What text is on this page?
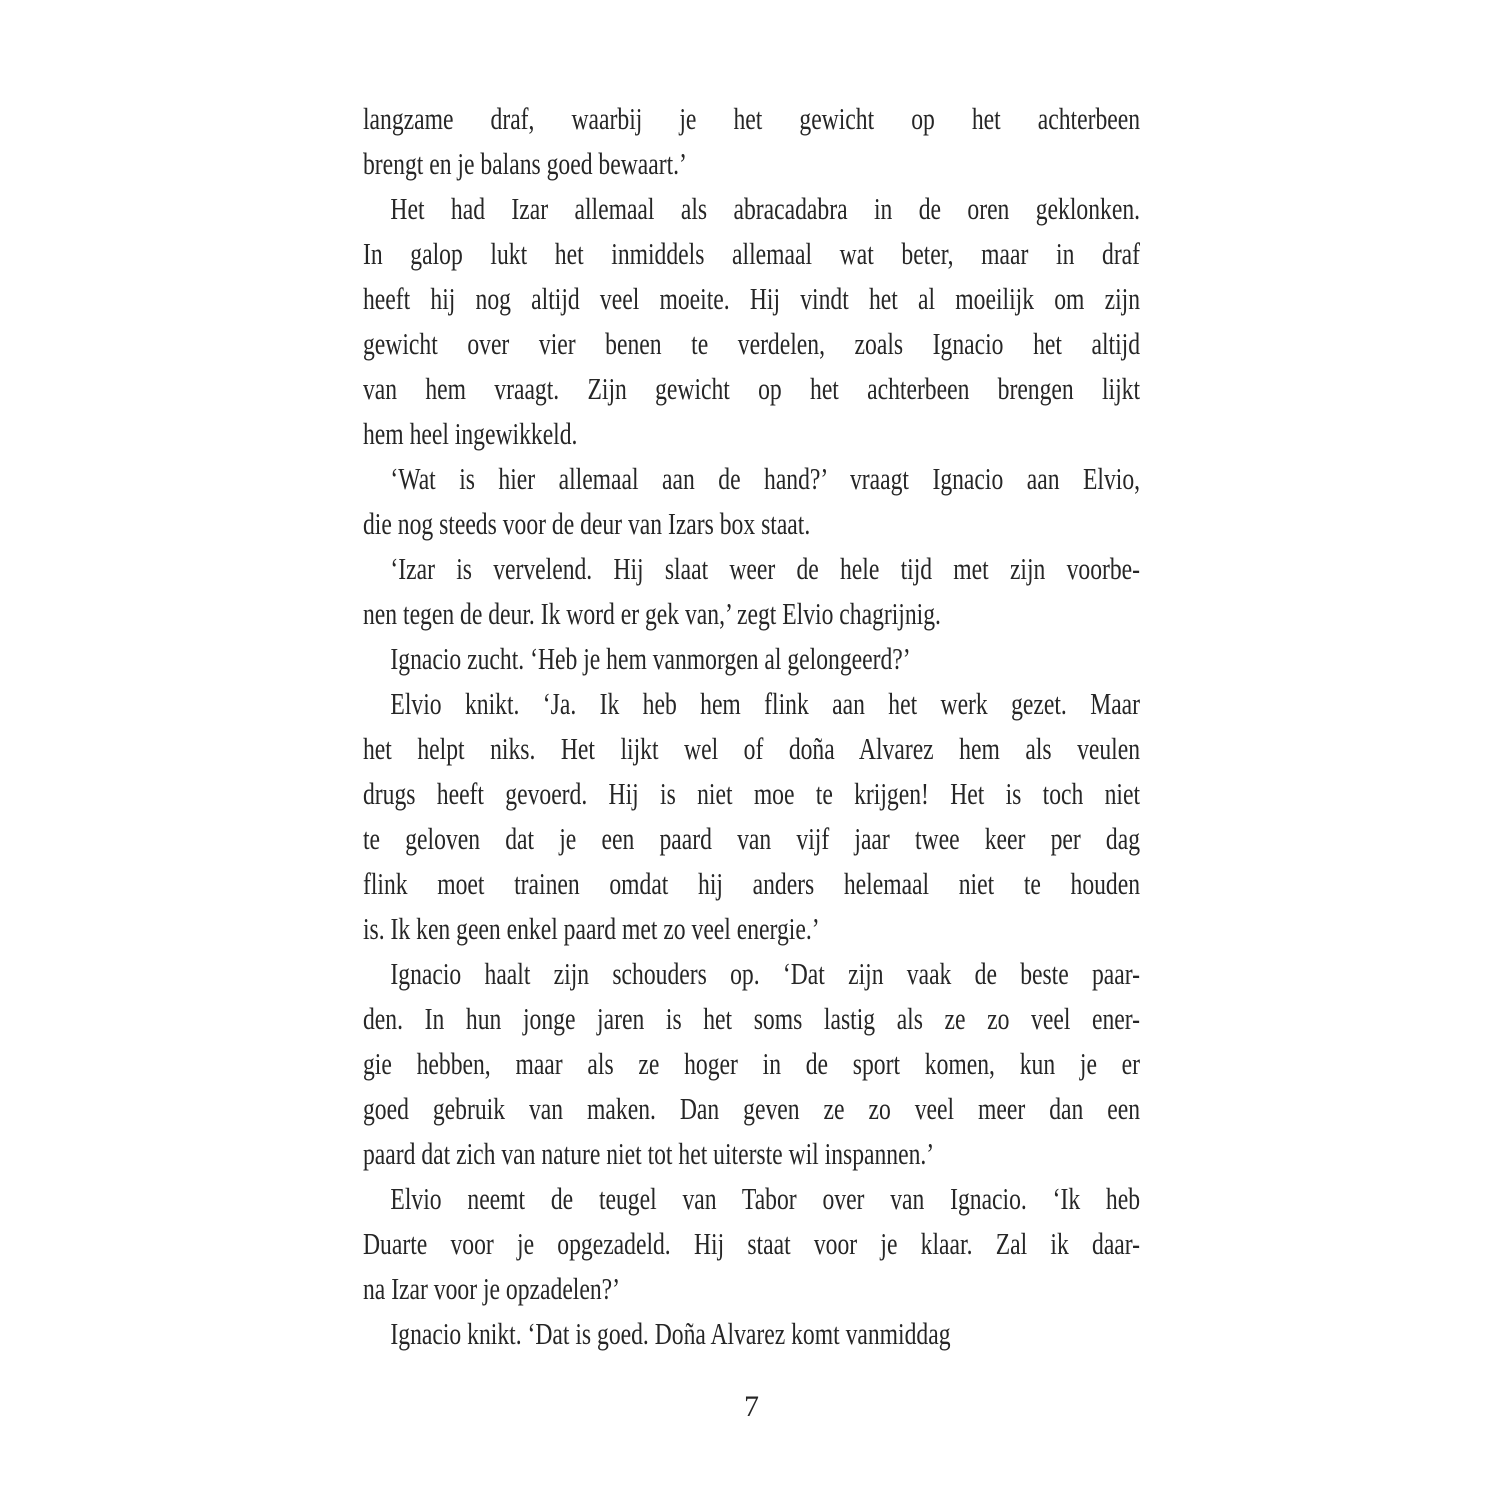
langzame draf, waarbij je het gewicht op het achterbeen
brengt en je balans goed bewaart.’
Het had Izar allemaal als abracadabra in de oren geklonken.
In galop lukt het inmiddels allemaal wat beter, maar in draf
heeft hij nog altijd veel moeite. Hij vindt het al moeilijk om zijn
gewicht over vier benen te verdelen, zoals Ignacio het altijd
van hem vraagt. Zijn gewicht op het achterbeen brengen lijkt
hem heel ingewikkeld.
‘Wat is hier allemaal aan de hand?’ vraagt Ignacio aan Elvio,
die nog steeds voor de deur van Izars box staat.
‘Izar is vervelend. Hij slaat weer de hele tijd met zijn voorbe-
nen tegen de deur. Ik word er gek van,’ zegt Elvio chagrijnig.
Ignacio zucht. ‘Heb je hem vanmorgen al gelongeerd?’
Elvio knikt. ‘Ja. Ik heb hem flink aan het werk gezet. Maar
het helpt niks. Het lijkt wel of doña Alvarez hem als veulen
drugs heeft gevoerd. Hij is niet moe te krijgen! Het is toch niet
te geloven dat je een paard van vijf jaar twee keer per dag
flink moet trainen omdat hij anders helemaal niet te houden
is. Ik ken geen enkel paard met zo veel energie.’
Ignacio haalt zijn schouders op. ‘Dat zijn vaak de beste paar-
den. In hun jonge jaren is het soms lastig als ze zo veel ener-
gie hebben, maar als ze hoger in de sport komen, kun je er
goed gebruik van maken. Dan geven ze zo veel meer dan een
paard dat zich van nature niet tot het uiterste wil inspannen.’
Elvio neemt de teugel van Tabor over van Ignacio. ‘Ik heb
Duarte voor je opgezadeld. Hij staat voor je klaar. Zal ik daar-
na Izar voor je opzadelen?’
Ignacio knikt. ‘Dat is goed. Doña Alvarez komt vanmiddag
7
